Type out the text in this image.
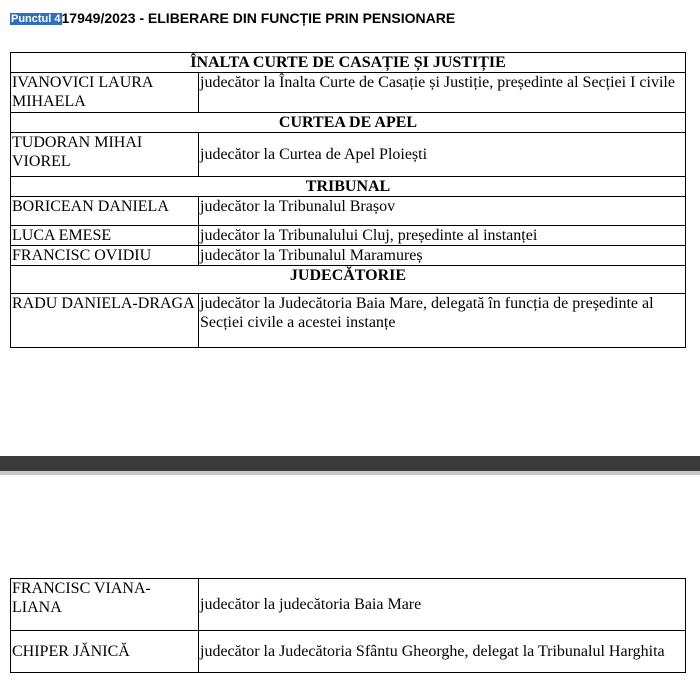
Punctul 417949/2023 - ELIBERARE DIN FUNCȚIE PRIN PENSIONARE
ÎNALTA CURTE DE CASAȚIE ȘI JUSTIȚIE	
IVANOVICI LAURA MIHAELA	judecător la Înalta Curte de Casație și Justiție, președinte al Secției I civile
CURTEA DE APEL	
TUDORAN MIHAI VIOREL	judecător la Curtea de Apel Ploiești
TRIBUNAL	
BORICEAN DANIELA	judecător la Tribunalul Brașov
LUCA EMESE	judecător la Tribunalului Cluj, președinte al instanței
FRANCISC OVIDIU	judecător la Tribunalul Maramureș
JUDECĂTORIE	
RADU DANIELA-DRAGA	judecător la Judecătoria Baia Mare, delegată în funcția de președinte al Secției civile a acestei instanțe
FRANCISC VIANA-LIANA	judecător la judecătoria Baia Mare
CHIPER JĂNICĂ	judecător la Judecătoria Sfântu Gheorghe, delegat la Tribunalul Harghita
